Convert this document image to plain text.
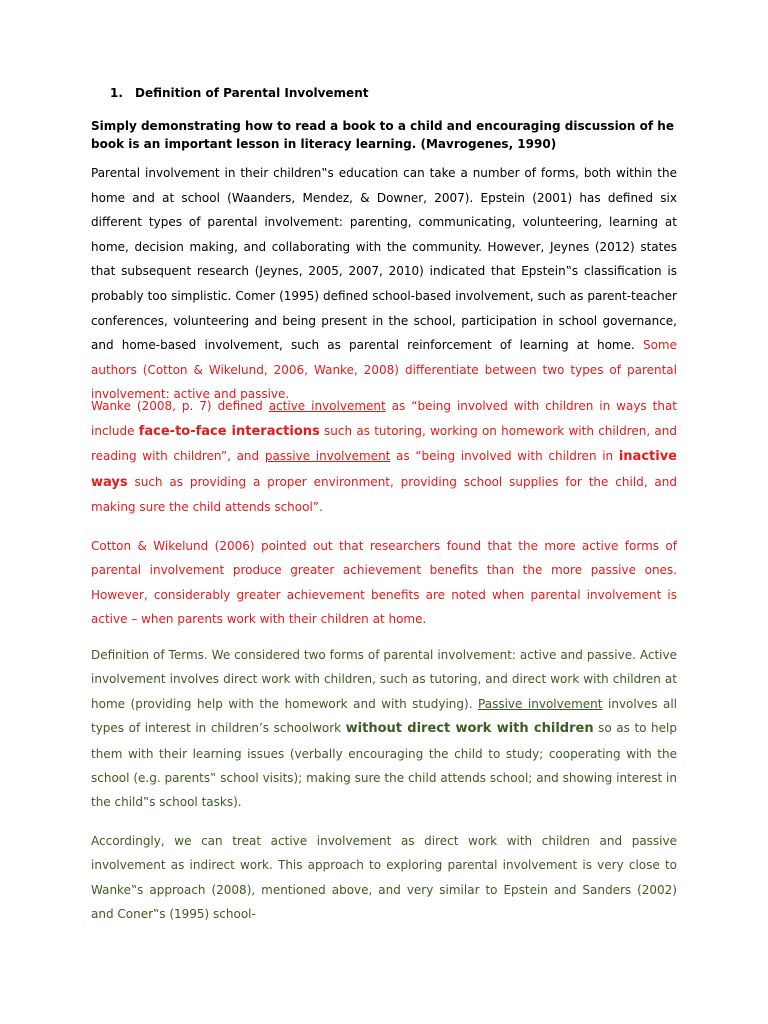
1. Definition of Parental Involvement
Simply demonstrating how to read a book to a child and encouraging discussion of he book is an important lesson in literacy learning. (Mavrogenes, 1990)

Parental involvement in their children‟s education can take a number of forms, both within the home and at school (Waanders, Mendez, & Downer, 2007). Epstein (2001) has defined six different types of parental involvement: parenting, communicating, volunteering, learning at home, decision making, and collaborating with the community. However, Jeynes (2012) states that subsequent research (Jeynes, 2005, 2007, 2010) indicated that Epstein‟s classification is probably too simplistic. Comer (1995) defined school-based involvement, such as parent-teacher conferences, volunteering and being present in the school, participation in school governance, and home-based involvement, such as parental reinforcement of learning at home. Some authors (Cotton & Wikelund, 2006, Wanke, 2008) differentiate between two types of parental involvement: active and passive.

Wanke (2008, p. 7) defined active involvement as “being involved with children in ways that include face-to-face interactions such as tutoring, working on homework with children, and reading with children”, and passive involvement as “being involved with children in inactive ways such as providing a proper environment, providing school supplies for the child, and making sure the child attends school”.

Cotton & Wikelund (2006) pointed out that researchers found that the more active forms of parental involvement produce greater achievement benefits than the more passive ones. However, considerably greater achievement benefits are noted when parental involvement is active – when parents work with their children at home.

Definition of Terms. We considered two forms of parental involvement: active and passive. Active involvement involves direct work with children, such as tutoring, and direct work with children at home (providing help with the homework and with studying). Passive involvement involves all types of interest in children’s schoolwork without direct work with children so as to help them with their learning issues (verbally encouraging the child to study; cooperating with the school (e.g. parents‟ school visits); making sure the child attends school; and showing interest in the child‟s school tasks).

Accordingly, we can treat active involvement as direct work with children and passive involvement as indirect work. This approach to exploring parental involvement is very close to Wanke‟s approach (2008), mentioned above, and very similar to Epstein and Sanders (2002) and Coner‟s (1995) school-
